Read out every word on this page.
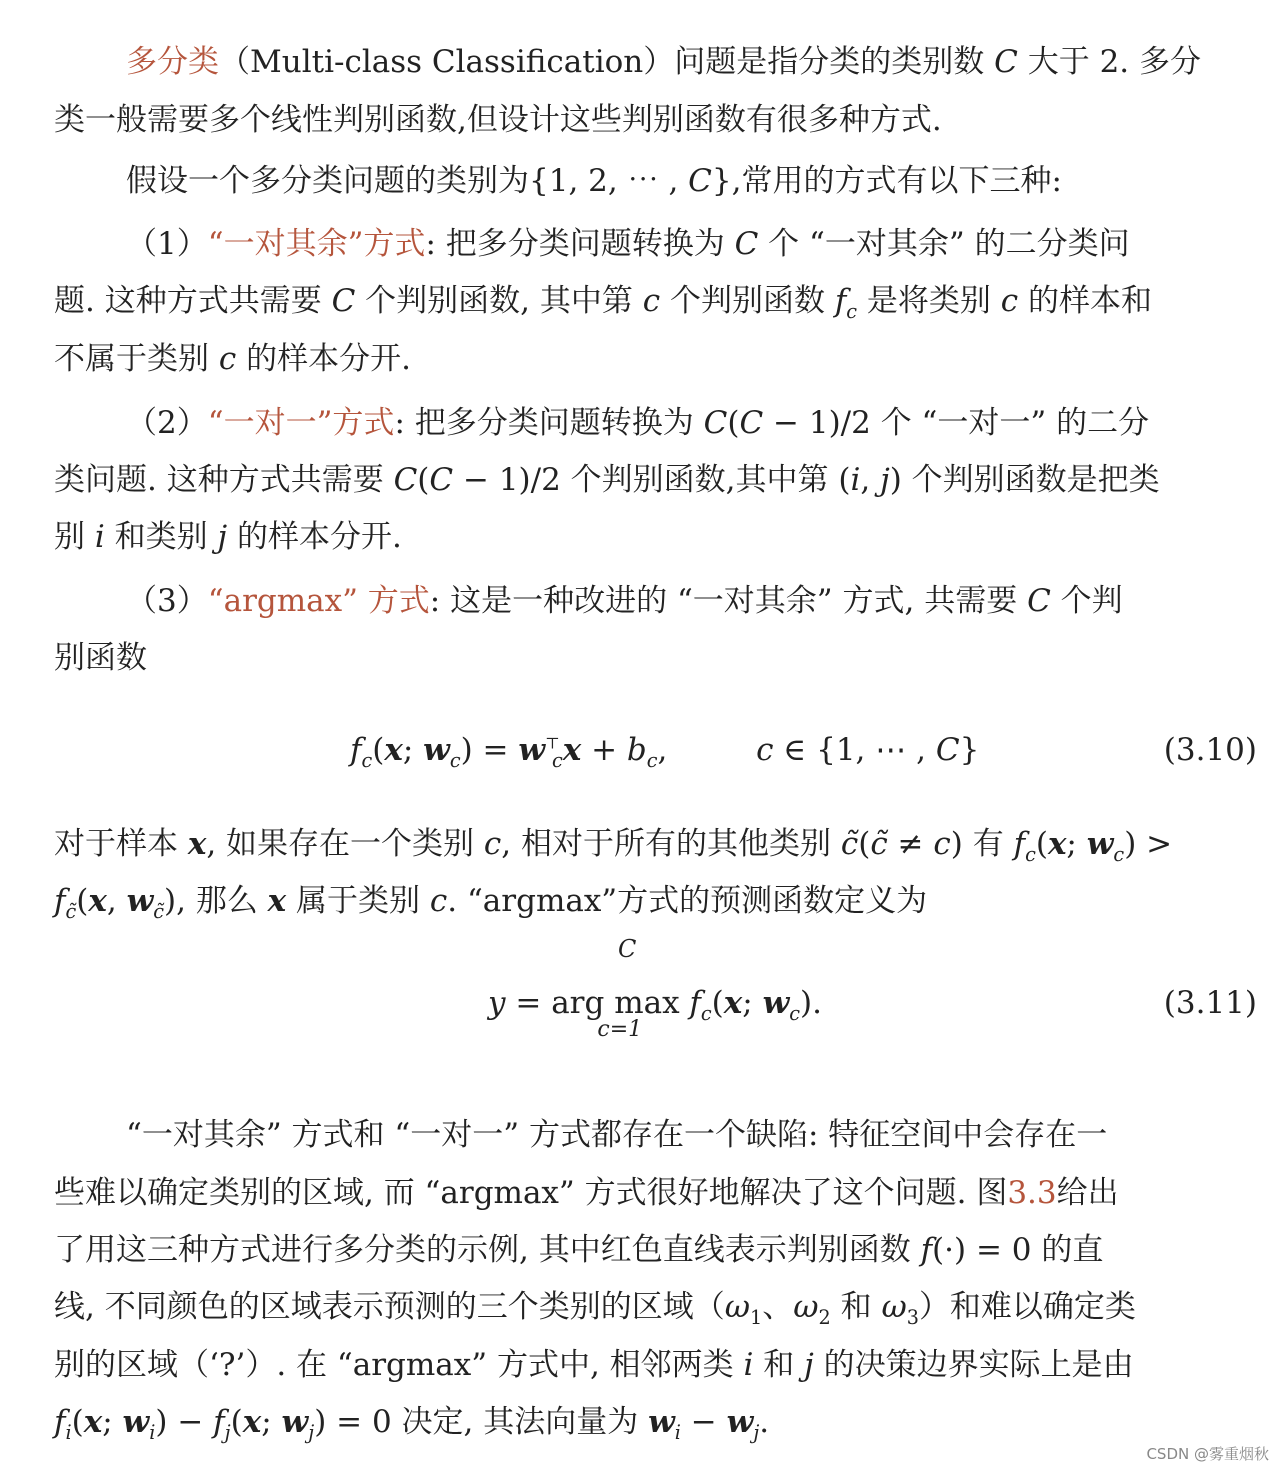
多分类（Multi-class Classification）问题是指分类的类别数 C 大于 2. 多分
类一般需要多个线性判别函数,但设计这些判别函数有很多种方式.
假设一个多分类问题的类别为{1, 2, ⋯ , C},常用的方式有以下三种:
（1）“一对其余”方式: 把多分类问题转换为 C 个 “一对其余” 的二分类问
题. 这种方式共需要 C 个判别函数, 其中第 c 个判别函数 $f_c$ 是将类别 c 的样本和
不属于类别 c 的样本分开.
（2）“一对一”方式: 把多分类问题转换为 C(C − 1)/2 个 “一对一” 的二分
类问题. 这种方式共需要 C(C − 1)/2 个判别函数,其中第 (i, j) 个判别函数是把类
别 i 和类别 j 的样本分开.
（3）“argmax” 方式: 这是一种改进的 “一对其余” 方式, 共需要 C 个判
别函数
$f_c(x$; $w_c) = w^⊤_cx + b_c$,         c ∈ {1, ⋯ , C}	(3.10)
对于样本 x, 如果存在一个类别 c, 相对于所有的其他类别 c̃(c̃ ≠ c) 有 $f_c(x$; $w_c$) >
$f_{c̃}(x$, $w_{c̃}$), 那么 x 属于类别 c. “argmax”方式的预测函数定义为
y = arg max
C
c=1
$f_c(x$; $w_c$).	(3.11)
“一对其余” 方式和 “一对一” 方式都存在一个缺陷: 特征空间中会存在一
些难以确定类别的区域, 而 “argmax” 方式很好地解决了这个问题. 图3.3给出
了用这三种方式进行多分类的示例, 其中红色直线表示判别函数 f(·) = 0 的直
线, 不同颜色的区域表示预测的三个类别的区域（$\omega_1$、$\omega_2$ 和 $\omega_3$）和难以确定类
别的区域（‘?’）. 在 “argmax” 方式中, 相邻两类 i 和 j 的决策边界实际上是由
$f_i(x$; $w_i) - f_j(x$; $w_j) = 0$ 决定, 其法向量为 $w_i - w_j$.
CSDN @雾重烟秋
